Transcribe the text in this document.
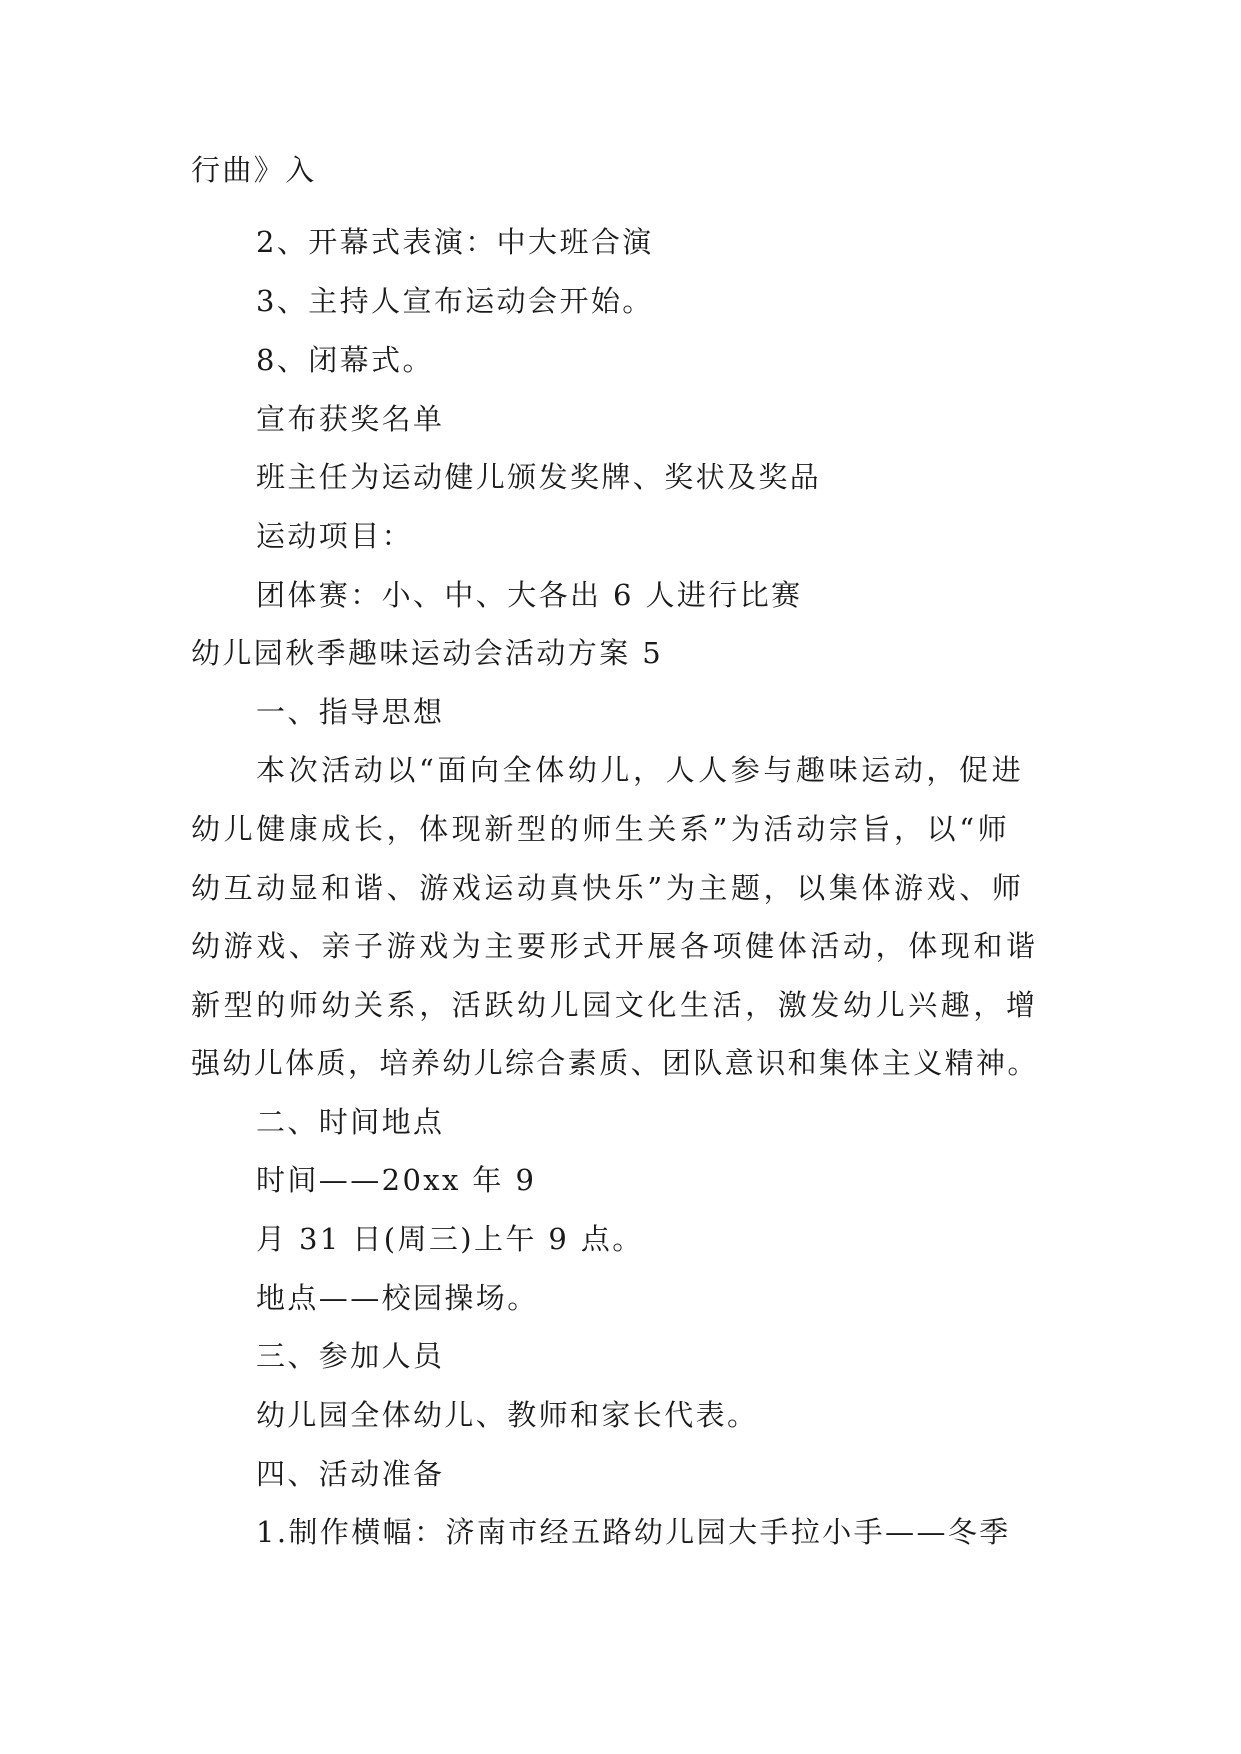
行曲》入
2、开幕式表演：中大班合演
3、主持人宣布运动会开始。
8、闭幕式。
宣布获奖名单
班主任为运动健儿颁发奖牌、奖状及奖品
运动项目：
团体赛：小、中、大各出 6 人进行比赛
幼儿园秋季趣味运动会活动方案 5
一、指导思想
本次活动以“面向全体幼儿，人人参与趣味运动，促进
幼儿健康成长，体现新型的师生关系”为活动宗旨，以“师
幼互动显和谐、游戏运动真快乐”为主题，以集体游戏、师
幼游戏、亲子游戏为主要形式开展各项健体活动，体现和谐
新型的师幼关系，活跃幼儿园文化生活，激发幼儿兴趣，增
强幼儿体质，培养幼儿综合素质、团队意识和集体主义精神。
二、时间地点
时间——20xx 年 9
月 31 日(周三)上午 9 点。
地点——校园操场。
三、参加人员
幼儿园全体幼儿、教师和家长代表。
四、活动准备
1.制作横幅：济南市经五路幼儿园大手拉小手——冬季
